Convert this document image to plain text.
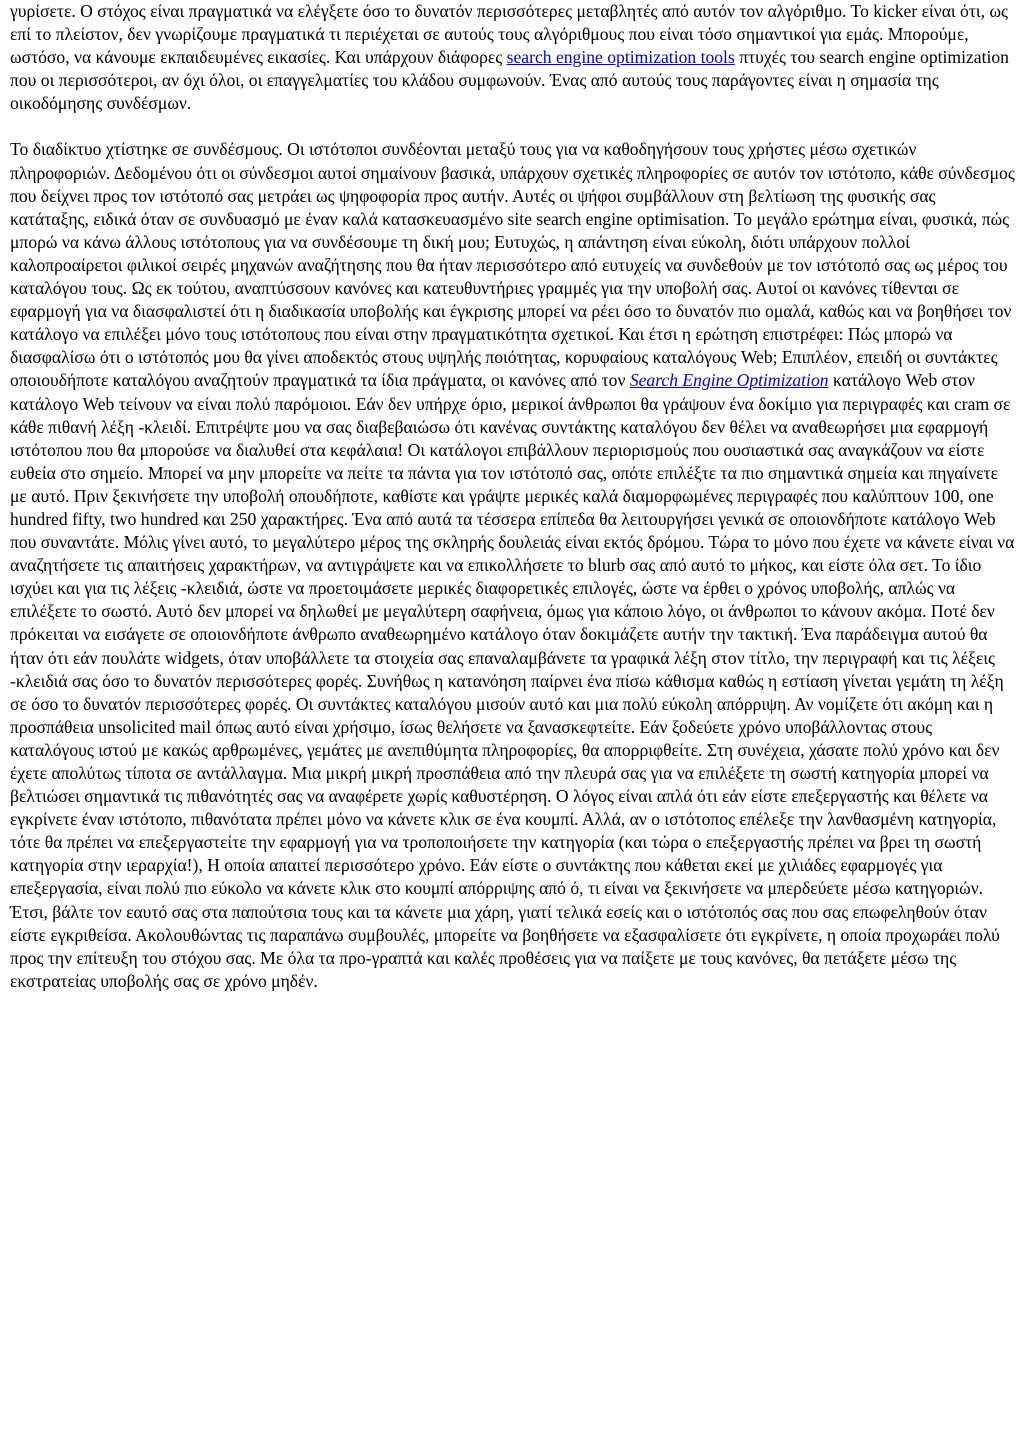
γυρίσετε. Ο στόχος είναι πραγματικά να ελέγξετε όσο το δυνατόν περισσότερες μεταβλητές από αυτόν τον αλγόριθμο. Το kicker είναι ότι, ως επί το πλείστον, δεν γνωρίζουμε πραγματικά τι περιέχεται σε αυτούς τους αλγόριθμους που είναι τόσο σημαντικοί για εμάς. Μπορούμε, ωστόσο, να κάνουμε εκπαιδευμένες εικασίες. Και υπάρχουν διάφορες search engine optimization tools πτυχές του search engine optimization που οι περισσότεροι, αν όχι όλοι, οι επαγγελματίες του κλάδου συμφωνούν. Ένας από αυτούς τους παράγοντες είναι η σημασία της οικοδόμησης συνδέσμων.

Το διαδίκτυο χτίστηκε σε συνδέσμους. Οι ιστότοποι συνδέονται μεταξύ τους για να καθοδηγήσουν τους χρήστες μέσω σχετικών πληροφοριών. Δεδομένου ότι οι σύνδεσμοι αυτοί σημαίνουν βασικά, υπάρχουν σχετικές πληροφορίες σε αυτόν τον ιστότοπο, κάθε σύνδεσμος που δείχνει προς τον ιστότοπό σας μετράει ως ψηφοφορία προς αυτήν. Αυτές οι ψήφοι συμβάλλουν στη βελτίωση της φυσικής σας κατάταξης, ειδικά όταν σε συνδυασμό με έναν καλά κατασκευασμένο site search engine optimisation. Το μεγάλο ερώτημα είναι, φυσικά, πώς μπορώ να κάνω άλλους ιστότοπους για να συνδέσουμε τη δική μου; Ευτυχώς, η απάντηση είναι εύκολη, διότι υπάρχουν πολλοί καλοπροαίρετοι φιλικοί σειρές μηχανών αναζήτησης που θα ήταν περισσότερο από ευτυχείς να συνδεθούν με τον ιστότοπό σας ως μέρος του καταλόγου τους. Ως εκ τούτου, αναπτύσσουν κανόνες και κατευθυντήριες γραμμές για την υποβολή σας. Αυτοί οι κανόνες τίθενται σε εφαρμογή για να διασφαλιστεί ότι η διαδικασία υποβολής και έγκρισης μπορεί να ρέει όσο το δυνατόν πιο ομαλά, καθώς και να βοηθήσει τον κατάλογο να επιλέξει μόνο τους ιστότοπους που είναι στην πραγματικότητα σχετικοί. Και έτσι η ερώτηση επιστρέφει: Πώς μπορώ να διασφαλίσω ότι ο ιστότοπός μου θα γίνει αποδεκτός στους υψηλής ποιότητας, κορυφαίους καταλόγους Web; Επιπλέον, επειδή οι συντάκτες οποιουδήποτε καταλόγου αναζητούν πραγματικά τα ίδια πράγματα, οι κανόνες από τον Search Engine Optimization κατάλογο Web στον κατάλογο Web τείνουν να είναι πολύ παρόμοιοι. Εάν δεν υπήρχε όριο, μερικοί άνθρωποι θα γράψουν ένα δοκίμιο για περιγραφές και cram σε κάθε πιθανή λέξη -κλειδί. Επιτρέψτε μου να σας διαβεβαιώσω ότι κανένας συντάκτης καταλόγου δεν θέλει να αναθεωρήσει μια εφαρμογή ιστότοπου που θα μπορούσε να διαλυθεί στα κεφάλαια! Οι κατάλογοι επιβάλλουν περιορισμούς που ουσιαστικά σας αναγκάζουν να είστε ευθεία στο σημείο. Μπορεί να μην μπορείτε να πείτε τα πάντα για τον ιστότοπό σας, οπότε επιλέξτε τα πιο σημαντικά σημεία και πηγαίνετε με αυτό. Πριν ξεκινήσετε την υποβολή οπουδήποτε, καθίστε και γράψτε μερικές καλά διαμορφωμένες περιγραφές που καλύπτουν 100, one hundred fifty, two hundred και 250 χαρακτήρες. Ένα από αυτά τα τέσσερα επίπεδα θα λειτουργήσει γενικά σε οποιονδήποτε κατάλογο Web που συναντάτε. Μόλις γίνει αυτό, το μεγαλύτερο μέρος της σκληρής δουλειάς είναι εκτός δρόμου. Τώρα το μόνο που έχετε να κάνετε είναι να αναζητήσετε τις απαιτήσεις χαρακτήρων, να αντιγράψετε και να επικολλήσετε το blurb σας από αυτό το μήκος, και είστε όλα σετ. Το ίδιο ισχύει και για τις λέξεις -κλειδιά, ώστε να προετοιμάσετε μερικές διαφορετικές επιλογές, ώστε να έρθει ο χρόνος υποβολής, απλώς να επιλέξετε το σωστό. Αυτό δεν μπορεί να δηλωθεί με μεγαλύτερη σαφήνεια, όμως για κάποιο λόγο, οι άνθρωποι το κάνουν ακόμα. Ποτέ δεν πρόκειται να εισάγετε σε οποιονδήποτε άνθρωπο αναθεωρημένο κατάλογο όταν δοκιμάζετε αυτήν την τακτική. Ένα παράδειγμα αυτού θα ήταν ότι εάν πουλάτε widgets, όταν υποβάλλετε τα στοιχεία σας επαναλαμβάνετε τα γραφικά λέξη στον τίτλο, την περιγραφή και τις λέξεις -κλειδιά σας όσο το δυνατόν περισσότερες φορές. Συνήθως η κατανόηση παίρνει ένα πίσω κάθισμα καθώς η εστίαση γίνεται γεμάτη τη λέξη σε όσο το δυνατόν περισσότερες φορές. Οι συντάκτες καταλόγου μισούν αυτό και μια πολύ εύκολη απόρριψη. Αν νομίζετε ότι ακόμη και η προσπάθεια unsolicited mail όπως αυτό είναι χρήσιμο, ίσως θελήσετε να ξανασκεφτείτε. Εάν ξοδεύετε χρόνο υποβάλλοντας στους καταλόγους ιστού με κακώς αρθρωμένες, γεμάτες με ανεπιθύμητα πληροφορίες, θα απορριφθείτε. Στη συνέχεια, χάσατε πολύ χρόνο και δεν έχετε απολύτως τίποτα σε αντάλλαγμα. Μια μικρή μικρή προσπάθεια από την πλευρά σας για να επιλέξετε τη σωστή κατηγορία μπορεί να βελτιώσει σημαντικά τις πιθανότητές σας να αναφέρετε χωρίς καθυστέρηση. Ο λόγος είναι απλά ότι εάν είστε επεξεργαστής και θέλετε να εγκρίνετε έναν ιστότοπο, πιθανότατα πρέπει μόνο να κάνετε κλικ σε ένα κουμπί. Αλλά, αν ο ιστότοπος επέλεξε την λανθασμένη κατηγορία, τότε θα πρέπει να επεξεργαστείτε την εφαρμογή για να τροποποιήσετε την κατηγορία (και τώρα ο επεξεργαστής πρέπει να βρει τη σωστή κατηγορία στην ιεραρχία!), Η οποία απαιτεί περισσότερο χρόνο. Εάν είστε ο συντάκτης που κάθεται εκεί με χιλιάδες εφαρμογές για επεξεργασία, είναι πολύ πιο εύκολο να κάνετε κλικ στο κουμπί απόρριψης από ό, τι είναι να ξεκινήσετε να μπερδεύετε μέσω κατηγοριών. Έτσι, βάλτε τον εαυτό σας στα παπούτσια τους και τα κάνετε μια χάρη, γιατί τελικά εσείς και ο ιστότοπός σας που σας επωφεληθούν όταν είστε εγκριθείσα. Ακολουθώντας τις παραπάνω συμβουλές, μπορείτε να βοηθήσετε να εξασφαλίσετε ότι εγκρίνετε, η οποία προχωράει πολύ προς την επίτευξη του στόχου σας. Με όλα τα προ-γραπτά και καλές προθέσεις για να παίξετε με τους κανόνες, θα πετάξετε μέσω της εκστρατείας υποβολής σας σε χρόνο μηδέν.
